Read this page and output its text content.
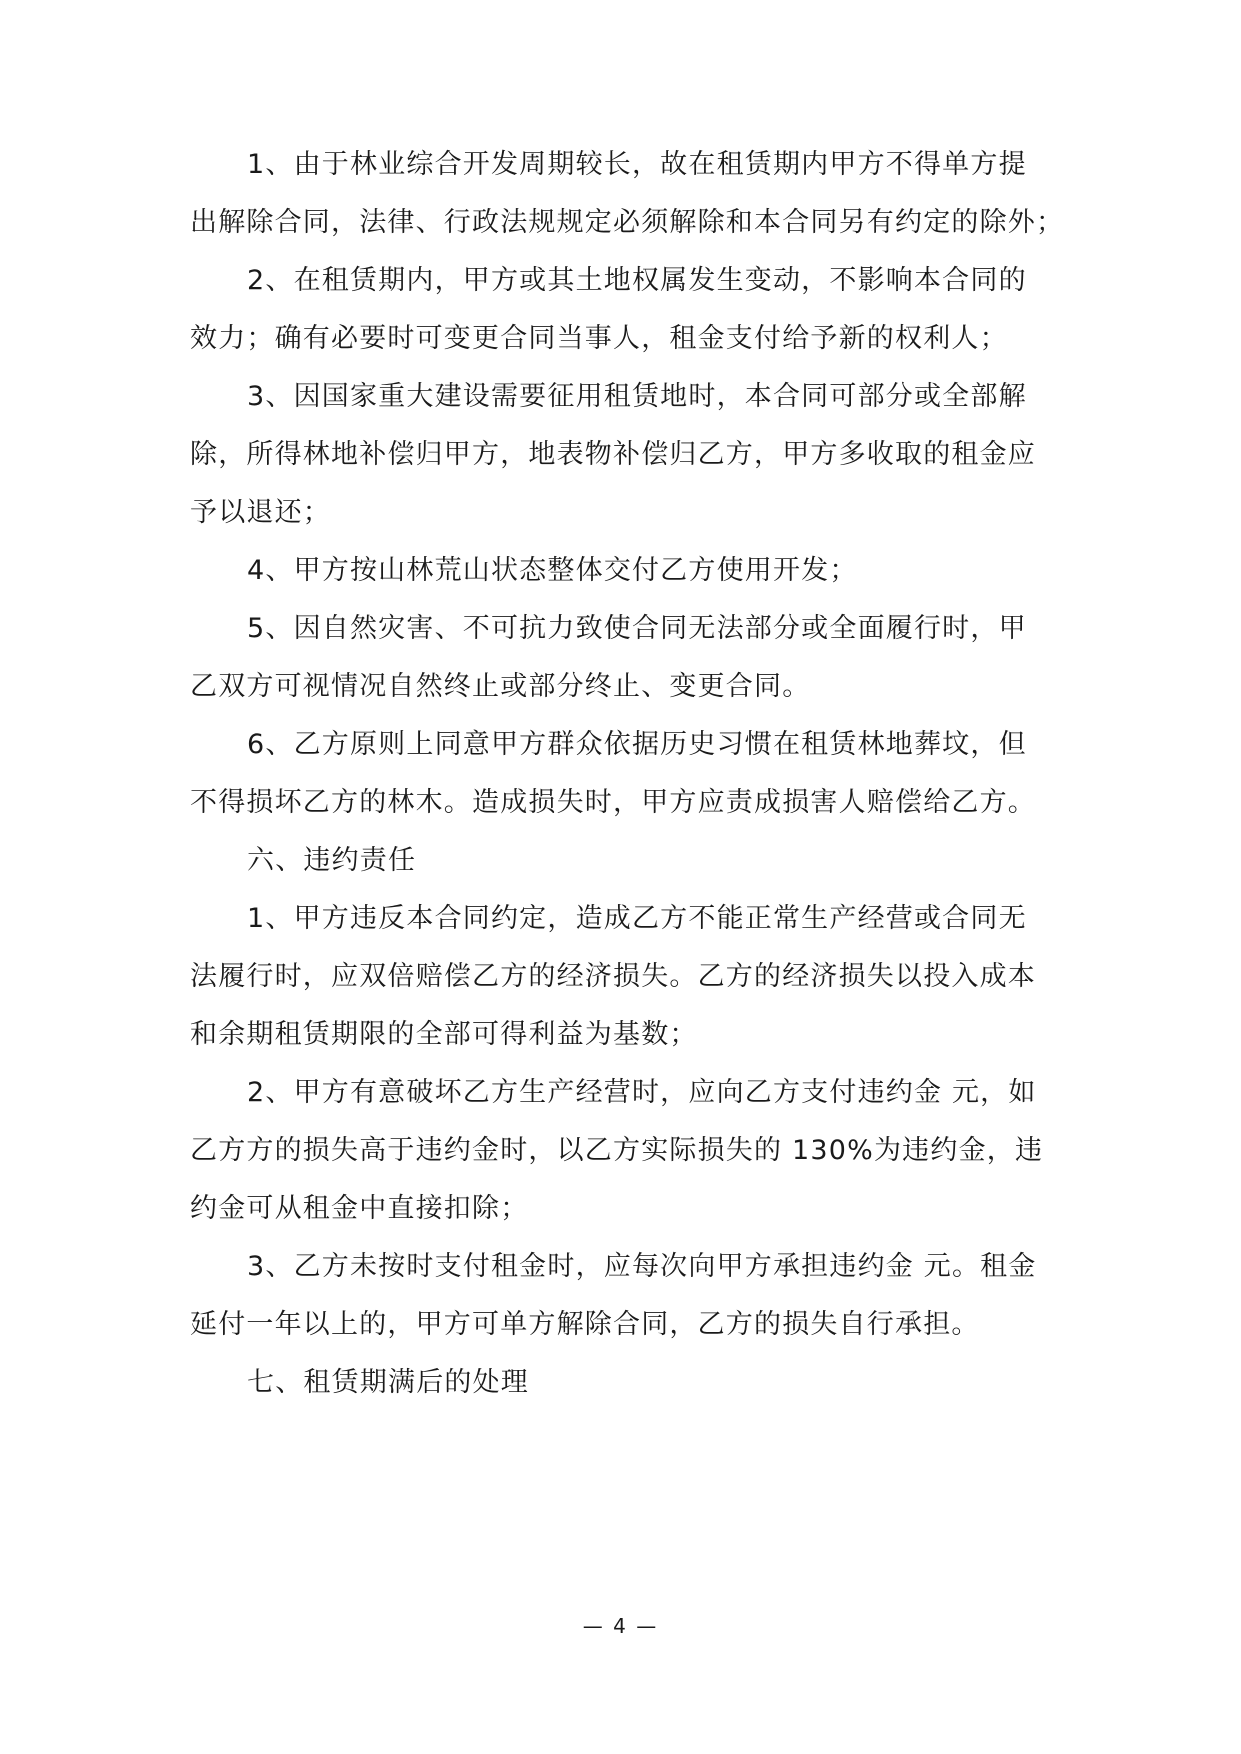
1、由于林业综合开发周期较长，故在租赁期内甲方不得单方提
出解除合同，法律、行政法规规定必须解除和本合同另有约定的除外；
2、在租赁期内，甲方或其土地权属发生变动，不影响本合同的
效力；确有必要时可变更合同当事人，租金支付给予新的权利人；
3、因国家重大建设需要征用租赁地时，本合同可部分或全部解
除，所得林地补偿归甲方，地表物补偿归乙方，甲方多收取的租金应
予以退还；
4、甲方按山林荒山状态整体交付乙方使用开发；
5、因自然灾害、不可抗力致使合同无法部分或全面履行时，甲
乙双方可视情况自然终止或部分终止、变更合同。
6、乙方原则上同意甲方群众依据历史习惯在租赁林地葬坟，但
不得损坏乙方的林木。造成损失时，甲方应责成损害人赔偿给乙方。
六、违约责任
1、甲方违反本合同约定，造成乙方不能正常生产经营或合同无
法履行时，应双倍赔偿乙方的经济损失。乙方的经济损失以投入成本
和余期租赁期限的全部可得利益为基数；
2、甲方有意破坏乙方生产经营时，应向乙方支付违约金 元，如
乙方方的损失高于违约金时，以乙方实际损失的 130%为违约金，违
约金可从租金中直接扣除；
3、乙方未按时支付租金时，应每次向甲方承担违约金 元。租金
延付一年以上的，甲方可单方解除合同，乙方的损失自行承担。
七、租赁期满后的处理
— 4 —
